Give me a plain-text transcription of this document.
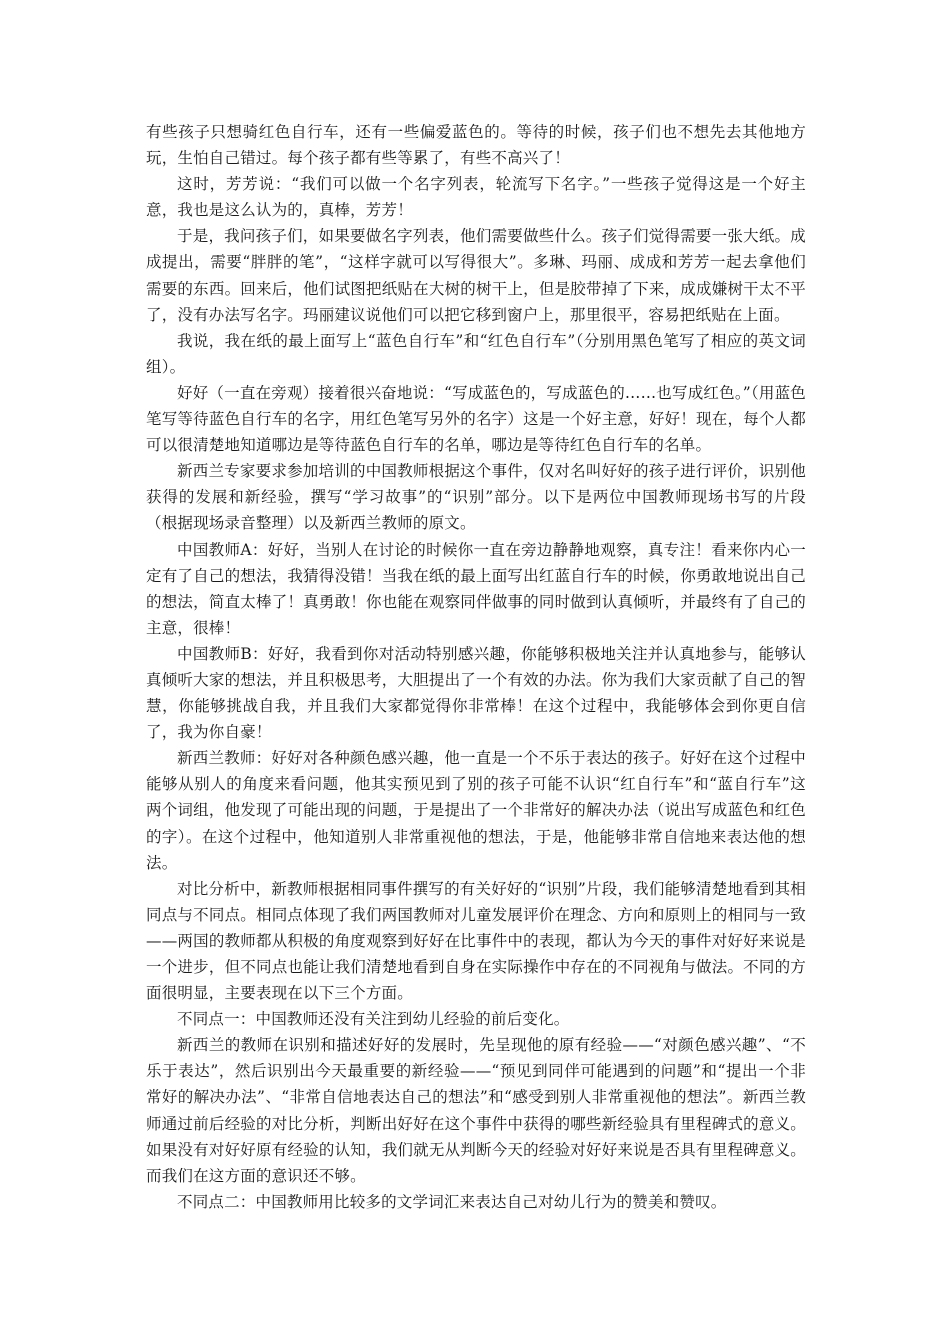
有些孩子只想骑红色自行车，还有一些偏爱蓝色的。等待的时候，孩子们也不想先去其他地方玩，生怕自己错过。每个孩子都有些等累了，有些不高兴了！

这时，芳芳说：“我们可以做一个名字列表，轮流写下名字。”一些孩子觉得这是一个好主意，我也是这么认为的，真棒，芳芳！

于是，我问孩子们，如果要做名字列表，他们需要做些什么。孩子们觉得需要一张大纸。成成提出，需要“胖胖的笔”，“这样字就可以写得很大”。多琳、玛丽、成成和芳芳一起去拿他们需要的东西。回来后，他们试图把纸贴在大树的树干上，但是胶带掉了下来，成成嫌树干太不平了，没有办法写名字。玛丽建议说他们可以把它移到窗户上，那里很平，容易把纸贴在上面。

我说，我在纸的最上面写上“蓝色自行车”和“红色自行车”（分别用黑色笔写了相应的英文词组）。

好好（一直在旁观）接着很兴奋地说：“写成蓝色的，写成蓝色的……也写成红色。”（用蓝色笔写等待蓝色自行车的名字，用红色笔写另外的名字）这是一个好主意，好好！现在，每个人都可以很清楚地知道哪边是等待蓝色自行车的名单，哪边是等待红色自行车的名单。

新西兰专家要求参加培训的中国教师根据这个事件，仅对名叫好好的孩子进行评价，识别他获得的发展和新经验，撰写“学习故事”的“识别”部分。以下是两位中国教师现场书写的片段（根据现场录音整理）以及新西兰教师的原文。

中国教师A：好好，当别人在讨论的时候你一直在旁边静静地观察，真专注！看来你内心一定有了自己的想法，我猜得没错！当我在纸的最上面写出红蓝自行车的时候，你勇敢地说出自己的想法，简直太棒了！真勇敢！你也能在观察同伴做事的同时做到认真倾听，并最终有了自己的主意，很棒！

中国教师B：好好，我看到你对活动特别感兴趣，你能够积极地关注并认真地参与，能够认真倾听大家的想法，并且积极思考，大胆提出了一个有效的办法。你为我们大家贡献了自己的智慧，你能够挑战自我，并且我们大家都觉得你非常棒！在这个过程中，我能够体会到你更自信了，我为你自豪！

新西兰教师：好好对各种颜色感兴趣，他一直是一个不乐于表达的孩子。好好在这个过程中能够从别人的角度来看问题，他其实预见到了别的孩子可能不认识“红自行车”和“蓝自行车”这两个词组，他发现了可能出现的问题，于是提出了一个非常好的解决办法（说出写成蓝色和红色的字）。在这个过程中，他知道别人非常重视他的想法，于是，他能够非常自信地来表达他的想法。

对比分析中，新教师根据相同事件撰写的有关好好的“识别”片段，我们能够清楚地看到其相同点与不同点。相同点体现了我们两国教师对儿童发展评价在理念、方向和原则上的相同与一致——两国的教师都从积极的角度观察到好好在比事件中的表现，都认为今天的事件对好好来说是一个进步，但不同点也能让我们清楚地看到自身在实际操作中存在的不同视角与做法。不同的方面很明显，主要表现在以下三个方面。

不同点一：中国教师还没有关注到幼儿经验的前后变化。

新西兰的教师在识别和描述好好的发展时，先呈现他的原有经验——“对颜色感兴趣”、“不乐于表达”，然后识别出今天最重要的新经验——“预见到同伴可能遇到的问题”和“提出一个非常好的解决办法”、“非常自信地表达自己的想法”和“感受到别人非常重视他的想法”。新西兰教师通过前后经验的对比分析，判断出好好在这个事件中获得的哪些新经验具有里程碑式的意义。如果没有对好好原有经验的认知，我们就无从判断今天的经验对好好来说是否具有里程碑意义。而我们在这方面的意识还不够。

不同点二：中国教师用比较多的文学词汇来表达自己对幼儿行为的赞美和赞叹。
